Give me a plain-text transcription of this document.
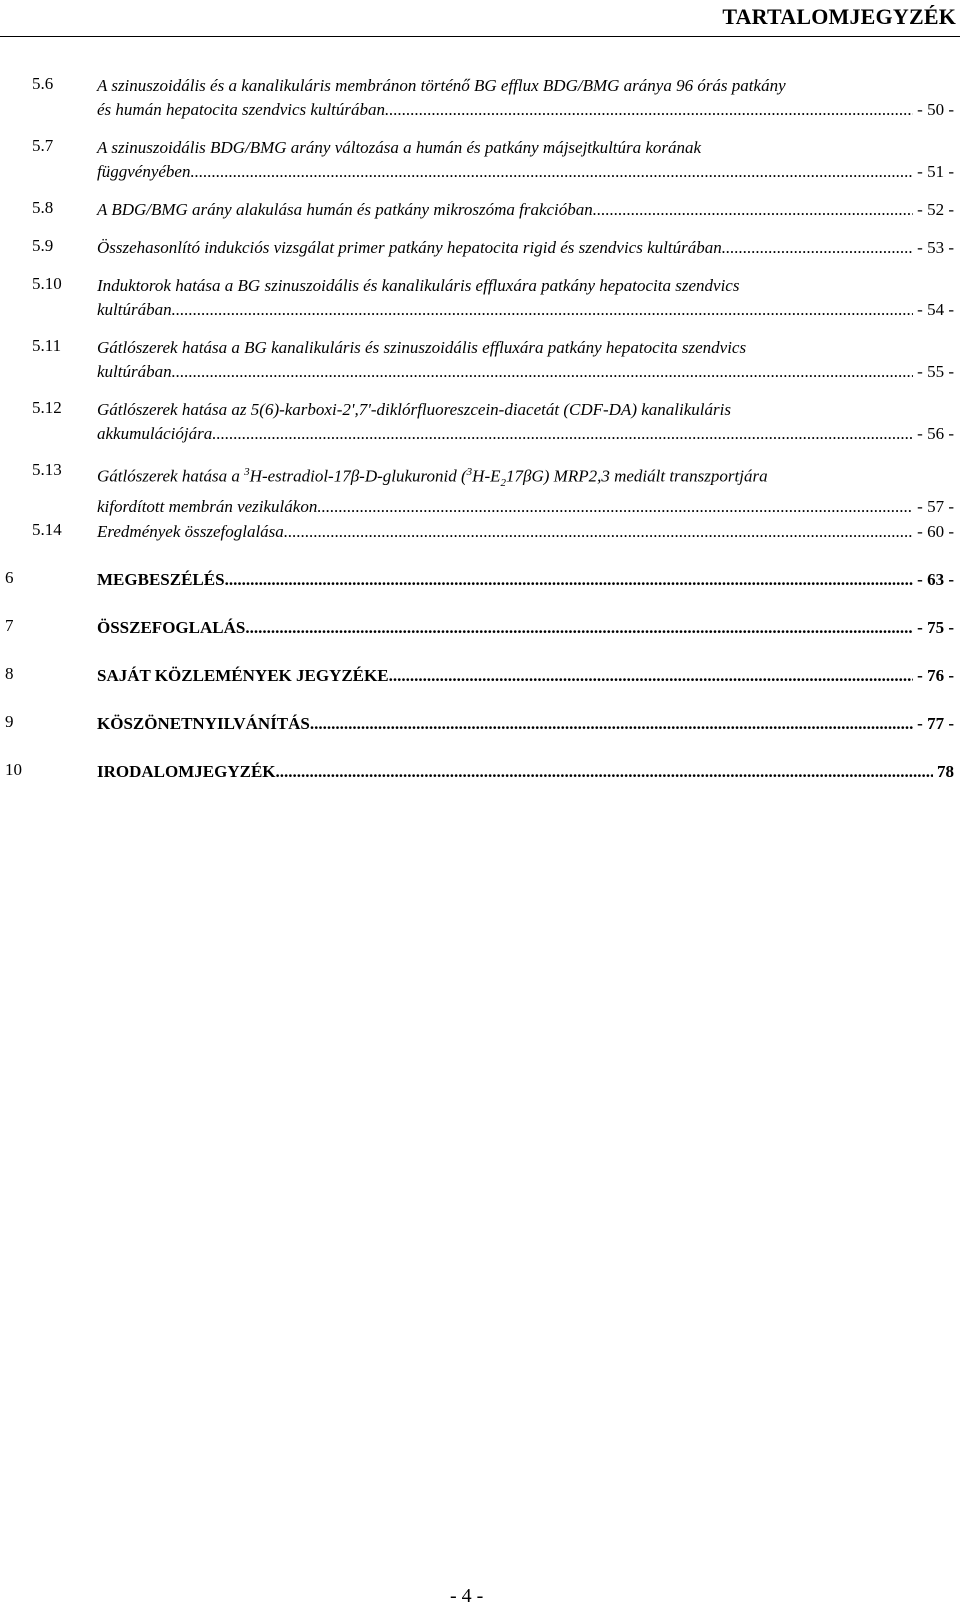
TARTALOMJEGYZÉK
5.6	A szinuszoidális és a kanalikuláris membránon történő BG efflux BDG/BMG aránya 96 órás patkány
és humán hepatocita szendvics kultúrában .....	- 50 -
5.7	A szinuszoidális BDG/BMG arány változása a humán és patkány májsejtkultúra korának
függvényében .....	- 51 -
5.8	A BDG/BMG arány alakulása humán és patkány mikroszóma frakcióban .....	- 52 -
5.9	Összehasonlító indukciós vizsgálat primer patkány hepatocita rigid és szendvics kultúrában .....	- 53 -
5.10 Induktorok hatása a BG szinuszoidális és kanalikuláris effluxára patkány hepatocita szendvics
kultúrában .....	- 54 -
5.11 Gátlószerek hatása a BG kanalikuláris és szinuszoidális effluxára patkány hepatocita szendvics
kultúrában .....	- 55 -
5.12 Gátlószerek hatása az 5(6)-karboxi-2',7'-diklórfluoreszcein-diacetát (CDF-DA) kanalikuláris
akkumulációjára .....	- 56 -
5.13 Gátlószerek hatása a $^3$H-estradiol-17β-D-glukuronid $(^3H-E_217\beta G)$ MRP2,3 mediált transzportjára
kifordított membrán vezikulákon .....	- 57 -
5.14 Eredmények összefoglalása .....	- 60 -
6	MEGBESZÉLÉS .....	- 63 -
7	ÖSSZEFOGLALÁS .....	- 75 -
8	SAJÁT KÖZLEMÉNYEK JEGYZÉKE .....	- 76 -
9	KÖSZÖNETNYILVÁNÍTÁS .....	- 77 -
10	IRODALOMJEGYZÉK .....	78
- 4 -
